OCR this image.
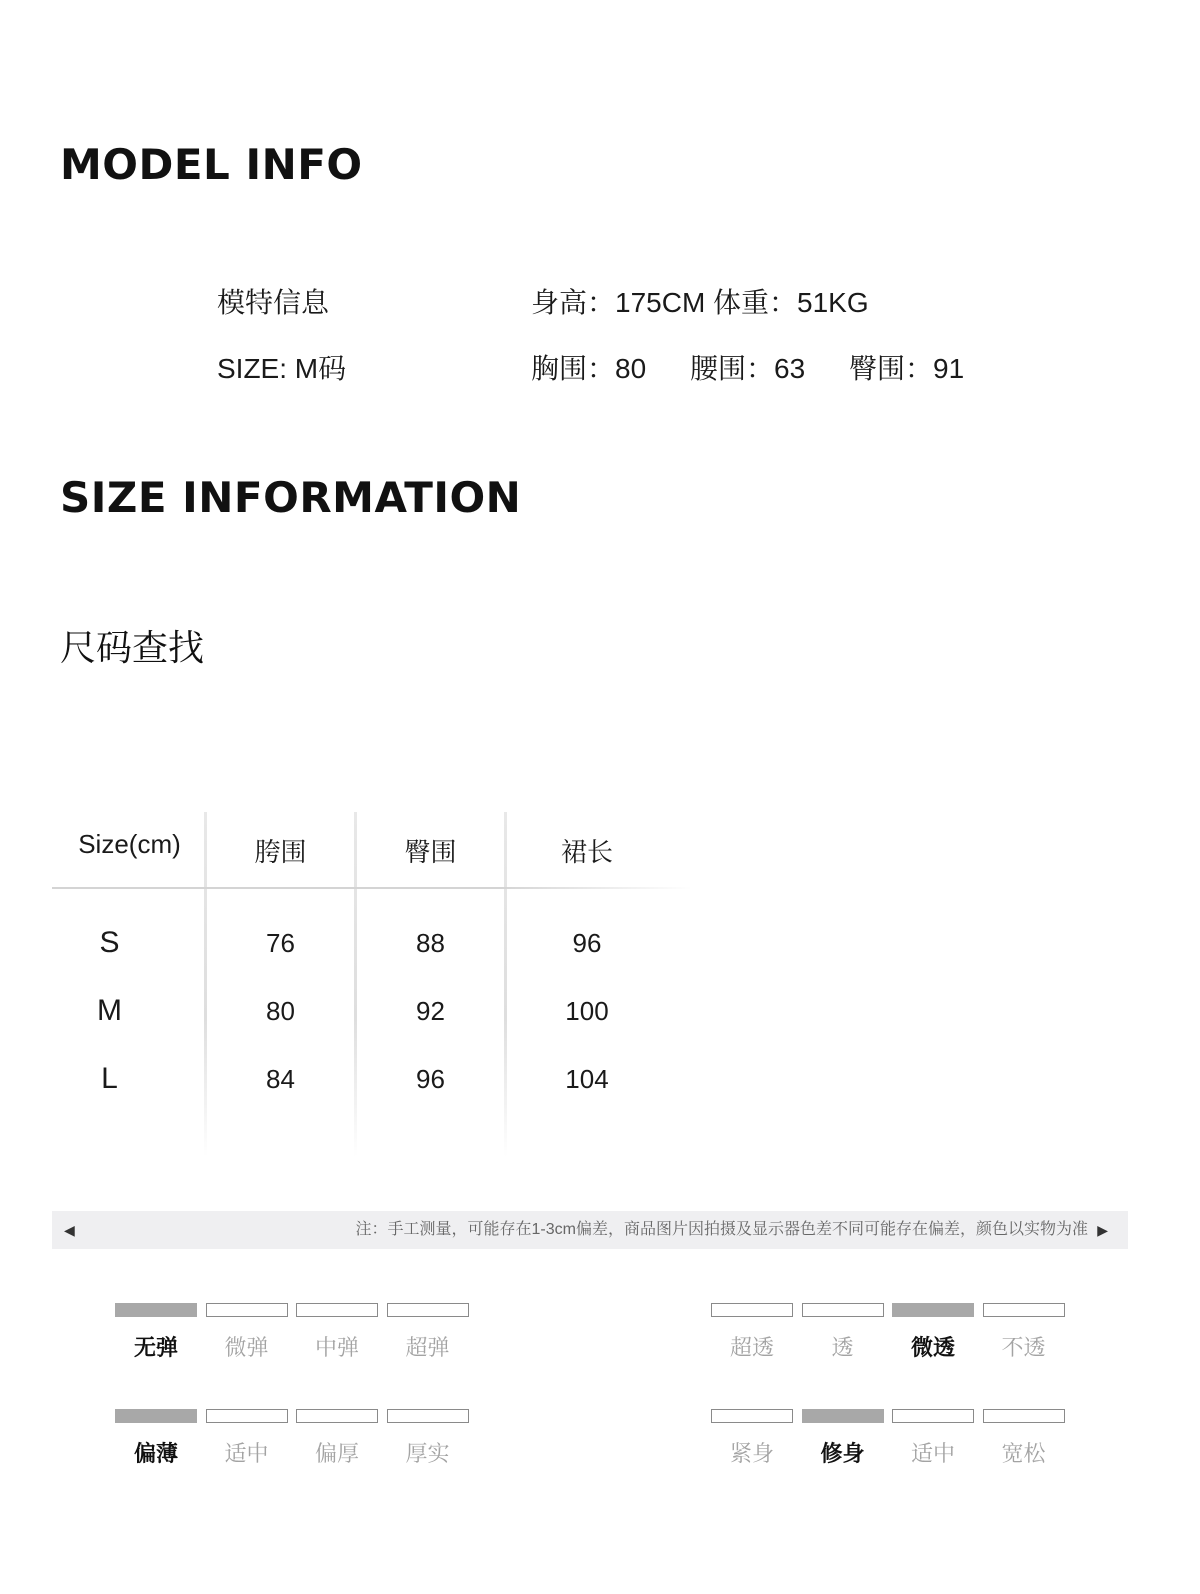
MODEL INFO
模特信息	身高：175CM 体重：51KG
SIZE: M码	胸围：80 腰围：63 臀围：91
SIZE INFORMATION
尺码查找
Size(cm)	胯围	臀围	裙长
S	76	88	96
M	80	92	100
L	84	96	104
◀	注：手工测量，可能存在1-3cm偏差，商品图片因拍摄及显示器色差不同可能存在偏差，颜色以实物为准 ▶
无弹	微弹	中弹	超弹	超透	透	微透	不透
偏薄	适中	偏厚	厚实	紧身	修身	适中	宽松
